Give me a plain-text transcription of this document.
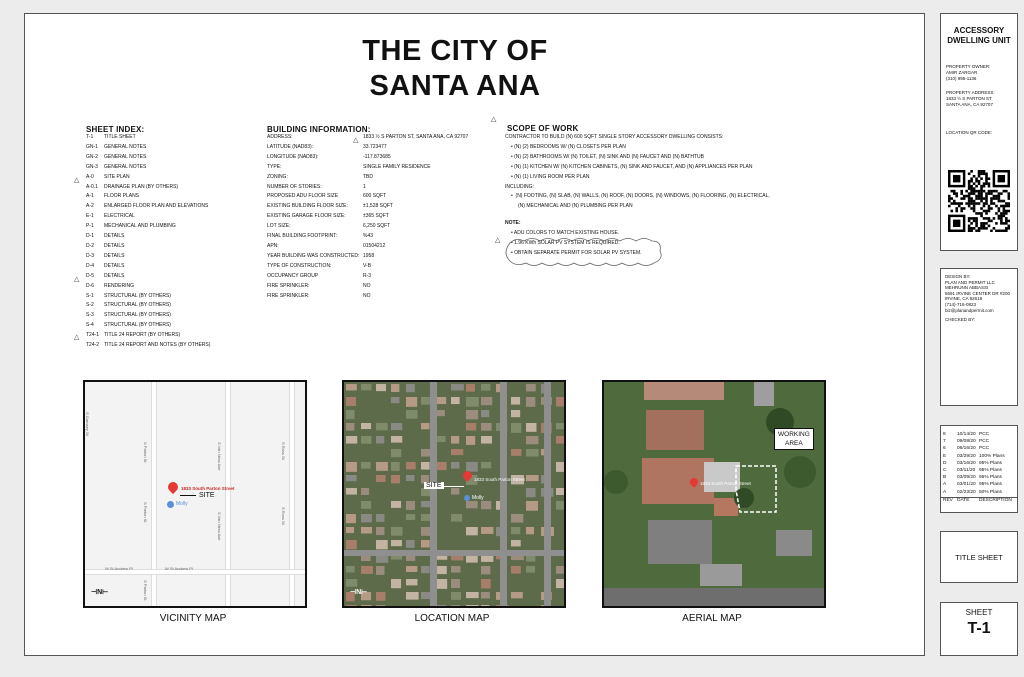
THE CITY OF
SANTA ANA
SHEET INDEX:
T-1 TITLE SHEET
GN-1 GENERAL NOTES
GN-2 GENERAL NOTES
GN-3 GENERAL NOTES
A-0 SITE PLAN
A-0.1 DRAINAGE PLAN (BY OTHERS)
A-1 FLOOR PLANS
A-2 ENLARGED FLOOR PLAN AND ELEVATIONS
E-1 ELECTRICAL
P-1 MECHANICAL AND PLUMBING
D-1 DETAILS
D-2 DETAILS
D-3 DETAILS
D-4 DETAILS
D-5 DETAILS
D-6 RENDERING
S-1 STRUCTURAL (BY OTHERS)
S-2 STRUCTURAL (BY OTHERS)
S-3 STRUCTURAL (BY OTHERS)
S-4 STRUCTURAL (BY OTHERS)
T24-1 TITLE 24 REPORT (BY OTHERS)
T24-2 TITLE 24 REPORT AND NOTES (BY OTHERS)
△
△
△
BUILDING INFORMATION:
△
ADDRESS:	1833 ½ S PARTON ST, SANTA ANA, CA 92707
LATITUDE (NAD83):	33.723477
LONGITUDE (NAD83):	-117.873685
TYPE:	SINGLE FAMILY RESIDENCE
ZONING:	TBD
NUMBER OF STORIES:	1
PROPOSED ADU FLOOR SIZE	600 SQFT
EXISTING BUILDING FLOOR SIZE:	±1,528 SQFT
EXISTING GARAGE FLOOR SIZE:	±365 SQFT
LOT SIZE:	6,250 SQFT
FINAL BUILDING FOOTPRINT:	%43
APN:	01504212
YEAR BUILDING WAS CONSTRUCTED: 1958
TYPE OF CONSTRUCTION:	V-B
OCCUPANCY GROUP	R-3
FIRE SPRINKLER:	NO
FIRE SPRINKLER:	NO
△
SCOPE OF WORK
CONTRACTOR TO BUILD (N) 600 SQFT SINGLE STORY ACCESSORY DWELLING CONSISTS:
• (N) (2) BEDROOMS W/ (N) CLOSETS PER PLAN
• (N) (2) BATHROOMS W/ (N) TOILET, (N) SINK AND (N) FAUCET AND (N) BATHTUB
• (N) (1) KITCHEN W/ (N) KITCHEN CABINETS, (N) SINK AND FAUCET, AND (N) APPLIANCES PER PLAN
• (N) (1) LIVING ROOM PER PLAN
INCLUDING:
•  (N) FOOTING, (N) SLAB, (N) WALLS, (N) ROOF, (N) DOORS, (N) WINDOWS, (N) FLOORING, (N) ELECTRICAL,
(N) MECHANICAL AND (N) PLUMBING PER PLAN
NOTE:
• ADU COLORS TO MATCH EXISTING HOUSE.
• 1.96 KWh SOLAR PV SYSTEM IS REQUIRED.
• OBTAIN SEPARATE PERMIT FOR SOLAR PV SYSTEM.
△
S Garnsey St
S Parton St	S Van Ness Ave	S Ross St
S Parton St	S Van Ness Ave	S Ross St
S Parton St
W St Andrew Pl	W St Andrew Pl
1833 South Parton Street
SITE
Molly
⊣N⊢
VICINITY MAP
1833 South Parton Street
SITE
Molly
⊣N⊢
LOCATION MAP
WORKING
AREA
1833 South Parton Street
AERIAL MAP
ACCESSORY DWELLING UNIT
PROPERTY OWNER:
AMIR ZARGAR
(310) 995-1136
PROPERTY ADDRESS:
1833 ½ S PARTON ST
SANTA ANA, CA 92707
LOCATION QR CODE:
DESIGN BY:
PLAN AND PERMIT LLC
MEHRUNN ABBASSI
5691 IRVINE CENTER DR #200
IRVINE, CA 92618
(714)-716-0823
biz@planandpermit.com
CHECKED BY:
8	10/14/20 PCC
7	09/08/20 PCC
6	06/16/20 PCC
E	03/29/20 100% Plans
D	03/16/20 95% Plans
C	03/11/20 95% Plans
B	03/09/20 95% Plans
A	03/01/20 95% Plans
A	02/23/20 50% Plans
REV DATE	DESCRIPTION
TITLE SHEET
SHEET
T-1
